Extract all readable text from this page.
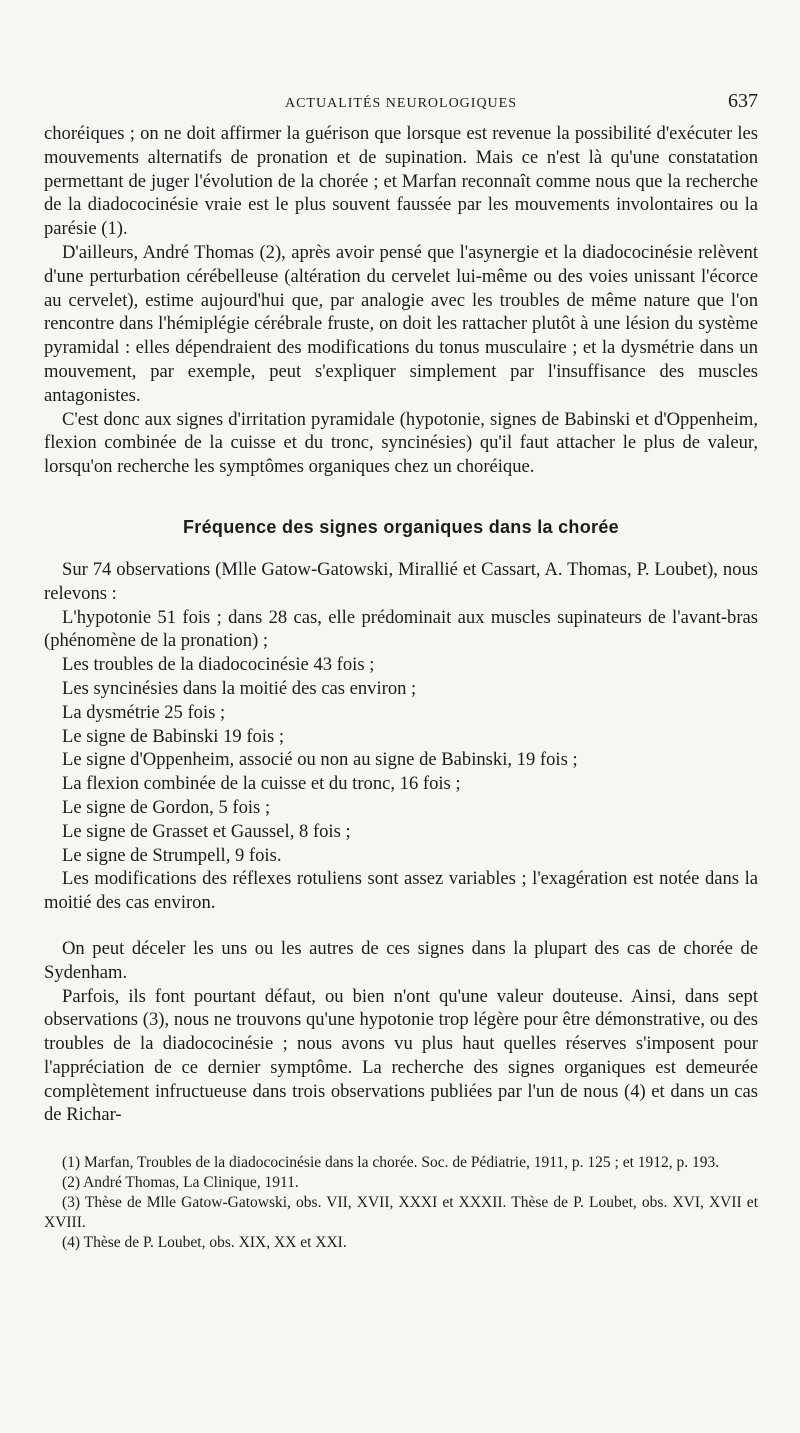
ACTUALITÉS NEUROLOGIQUES	637

choréiques ; on ne doit affirmer la guérison que lorsque est revenue la possibilité d'exécuter les mouvements alternatifs de pronation et de supination. Mais ce n'est là qu'une constatation permettant de juger l'évolution de la chorée ; et Marfan reconnaît comme nous que la recherche de la diadococinésie vraie est le plus souvent faussée par les mouvements involontaires ou la parésie (1).

D'ailleurs, André Thomas (2), après avoir pensé que l'asynergie et la diadococinésie relèvent d'une perturbation cérébelleuse (altération du cervelet lui-même ou des voies unissant l'écorce au cervelet), estime aujourd'hui que, par analogie avec les troubles de même nature que l'on rencontre dans l'hémiplégie cérébrale fruste, on doit les rattacher plutôt à une lésion du système pyramidal : elles dépendraient des modifications du tonus musculaire ; et la dysmétrie dans un mouvement, par exemple, peut s'expliquer simplement par l'insuffisance des muscles antagonistes.

C'est donc aux signes d'irritation pyramidale (hypotonie, signes de Babinski et d'Oppenheim, flexion combinée de la cuisse et du tronc, syncinésies) qu'il faut attacher le plus de valeur, lorsqu'on recherche les symptômes organiques chez un choréique.

Fréquence des signes organiques dans la chorée

Sur 74 observations (Mlle Gatow-Gatowski, Mirallié et Cassart, A. Thomas, P. Loubet), nous relevons :

L'hypotonie 51 fois ; dans 28 cas, elle prédominait aux muscles supinateurs de l'avant-bras (phénomène de la pronation) ;

Les troubles de la diadococinésie 43 fois ;

Les syncinésies dans la moitié des cas environ ;

La dysmétrie 25 fois ;

Le signe de Babinski 19 fois ;

Le signe d'Oppenheim, associé ou non au signe de Babinski, 19 fois ;

La flexion combinée de la cuisse et du tronc, 16 fois ;

Le signe de Gordon, 5 fois ;

Le signe de Grasset et Gaussel, 8 fois ;

Le signe de Strumpell, 9 fois.

Les modifications des réflexes rotuliens sont assez variables ; l'exagération est notée dans la moitié des cas environ.

On peut déceler les uns ou les autres de ces signes dans la plupart des cas de chorée de Sydenham.

Parfois, ils font pourtant défaut, ou bien n'ont qu'une valeur douteuse. Ainsi, dans sept observations (3), nous ne trouvons qu'une hypotonie trop légère pour être démonstrative, ou des troubles de la diadococinésie ; nous avons vu plus haut quelles réserves s'imposent pour l'appréciation de ce dernier symptôme. La recherche des signes organiques est demeurée complètement infructueuse dans trois observations publiées par l'un de nous (4) et dans un cas de Richar-

(1) Marfan, Troubles de la diadococinésie dans la chorée. Soc. de Pédiatrie, 1911, p. 125 ; et 1912, p. 193.

(2) André Thomas, La Clinique, 1911.

(3) Thèse de Mlle Gatow-Gatowski, obs. VII, XVII, XXXI et XXXII. Thèse de P. Loubet, obs. XVI, XVII et XVIII.

(4) Thèse de P. Loubet, obs. XIX, XX et XXI.
